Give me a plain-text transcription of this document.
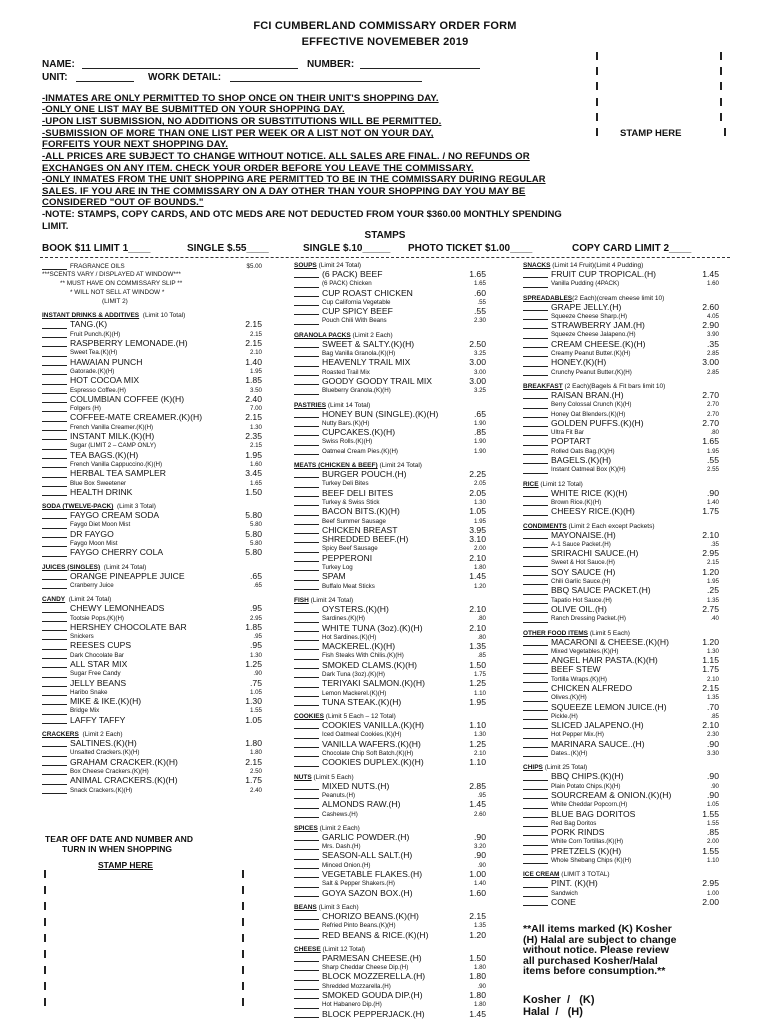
FCI CUMBERLAND COMMISSARY ORDER FORM
EFFECTIVE NOVEMEBER 2019
NAME:	NUMBER:
UNIT:	WORK DETAIL:
STAMP HERE
-INMATES ARE ONLY PERMITTED TO SHOP ONCE ON THEIR UNIT'S SHOPPING DAY.
-ONLY ONE LIST MAY BE SUBMITTED ON YOUR SHOPPING DAY.
-UPON LIST SUBMISSION, NO ADDITIONS OR SUBSTITUTIONS WILL BE PERMITTED.
-SUBMISSION OF MORE THAN ONE LIST PER WEEK OR A LIST NOT ON YOUR DAY,
FORFEITS YOUR NEXT SHOPPING DAY.
-ALL PRICES ARE SUBJECT TO CHANGE WITHOUT NOTICE. ALL SALES ARE FINAL. / NO REFUNDS OR
EXCHANGES ON ANY ITEM. CHECK YOUR ORDER BEFORE YOU LEAVE THE COMMISSARY.
-ONLY INMATES FROM THE UNIT SHOPPING ARE PERMITTED TO BE IN THE COMMISSARY DURING REGULAR
SALES. IF YOU ARE IN THE COMMISSARY ON A DAY OTHER THAN YOUR SHOPPING DAY YOU MAY BE
CONSIDERED "OUT OF BOUNDS."
-NOTE: STAMPS, COPY CARDS, AND OTC MEDS ARE NOT DEDUCTED FROM YOUR $360.00 MONTHLY SPENDING
LIMIT.
STAMPS
BOOK $11 LIMIT 1____	SINGLE $.55____	SINGLE $.10_____ PHOTO TICKET $1.00____	COPY CARD LIMIT 2____
FRAGRANCE OILS	$5.00
***SCENTS VARY / DISPLAYED AT WINDOW***
** MUST HAVE ON COMMISSARY SLIP **
* WILL NOT SELL AT WINDOW *
(LIMIT 2)
INSTANT DRINKS & ADDITIVES (Limit 10 Total)
TANG.(K)	2.15
Fruit Punch.(K)(H)	2.15
RASPBERRY LEMONADE.(H)	2.15
Sweet Tea.(K)(H)	2.10
HAWAIAN PUNCH	1.40
Gatorade.(K)(H)	1.95
HOT COCOA MIX	1.85
Espresso Coffee.(H)	3.50
COLUMBIAN COFFEE (K)(H)	2.40
Folgers (H)	7.00
COFFEE-MATE CREAMER.(K)(H)	2.15
French Vanilla Creamer.(K)(H)	1.30
INSTANT MILK.(K)(H)	2.35
Sugar (LIMIT 2 – CAMP ONLY)	2.15
TEA BAGS.(K)(H)	1.95
French Vanilla Cappuccino.(K)(H)	1.60
HERBAL TEA SAMPLER	3.45
Blue Box Sweetener	1.65
HEALTH DRINK	1.50
SODA (TWELVE-PACK) (Limit 3 Total)
FAYGO CREAM SODA	5.80
Faygo Diet Moon Mist	5.80
DR FAYGO	5.80
Faygo Moon Mist	5.80
FAYGO CHERRY COLA	5.80
JUICES (SINGLES) (Limit 24 Total)
ORANGE PINEAPPLE JUICE	.65
Cranberry Juice	.65
CANDY (Limit 24 Total)
CHEWY LEMONHEADS	.95
Tootsie Pops.(K)(H)	2.95
HERSHEY CHOCOLATE BAR	1.85
Snickers	.95
REESES CUPS	.95
Dark Chocolate Bar	1.30
ALL STAR MIX	1.25
Sugar Free Candy	.90
JELLY BEANS	.75
Haribo Snake	1.05
MIKE & IKE.(K)(H)	1.30
Bridge Mix	1.55
LAFFY TAFFY	1.05
CRACKERS (Limit 2 Each)
SALTINES.(K)(H)	1.80
Unsalted Crackers.(K)(H)	1.80
GRAHAM CRACKER.(K)(H)	2.15
Box Cheese Crackers.(K)(H)	2.50
ANIMAL CRACKERS.(K)(H)	1.75
Snack Crackers.(K)(H)	2.40
TEAR OFF DATE AND NUMBER AND
TURN IN WHEN SHOPPING
STAMP HERE
SOUPS (Limit 24 Total)
(6 PACK) BEEF	1.65
(6 PACK) Chicken	1.65
CUP ROAST CHICKEN	.60
Cup California Vegetable	.55
CUP SPICY BEEF	.55
Pouch Chili With Beans	2.30
GRANOLA PACKS (Limit 2 Each)
SWEET & SALTY.(K)(H)	2.50
Bag Vanilla Granola.(K)(H)	3.25
HEAVENLY TRAIL MIX	3.00
Roasted Trail Mix	3.00
GOODY GOODY TRAIL MIX	3.00
Blueberry Granola.(K)(H)	3.25
PASTRIES (Limit 14 Total)
HONEY BUN (SINGLE).(K)(H)	.65
Nutty Bars.(K)(H)	1.90
CUPCAKES.(K)(H)	.85
Swiss Rolls.(K)(H)	1.90
Oatmeal Cream Pies.(K)(H)	1.90
MEATS (CHICKEN & BEEF) (Limit 24 Total)
BURGER POUCH.(H)	2.25
Turkey Deli Bites	2.05
BEEF DELI BITES	2.05
Turkey & Swiss Stick	1.30
BACON BITS.(K)(H)	1.05
Beef Summer Sausage	1.95
CHICKEN BREAST	3.95
SHREDDED BEEF.(H)	3.10
Spicy Beef Sausage	2.00
PEPPERONI	2.10
Turkey Log	1.80
SPAM	1.45
Buffalo Meat Sticks	1.20
FISH (Limit 24 Total)
OYSTERS.(K)(H)	2.10
Sardines.(K)(H)	.80
WHITE TUNA (3oz).(K)(H)	2.10
Hot Sardines.(K)(H)	.80
MACKEREL.(K)(H)	1.35
Fish Steaks With Chilis.(K)(H)	.85
SMOKED CLAMS.(K)(H)	1.50
Dark Tuna (3oz).(K)(H)	1.75
TERIYAKI SALMON.(K)(H)	1.25
Lemon Mackerel.(K)(H)	1.10
TUNA STEAK.(K)(H)	1.95
COOKIES (Limit 5 Each – 12 Total)
COOKIES VANILLA.(K)(H)	1.10
Iced Oatmeal Cookies.(K)(H)	1.30
VANILLA WAFERS.(K)(H)	1.25
Chocolate Chip Soft Batch.(K)(H)	2.10
COOKIES DUPLEX.(K)(H)	1.10
NUTS (Limit 5 Each)
MIXED NUTS.(H)	2.85
Peanuts.(H)	.95
ALMONDS RAW.(H)	1.45
Cashews.(H)	2.60
SPICES (Limit 2 Each)
GARLIC POWDER.(H)	.90
Mrs. Dash.(H)	3.20
SEASON-ALL SALT.(H)	.90
Minced Onion.(H)	.90
VEGETABLE FLAKES.(H)	1.00
Salt & Pepper Shakers.(H)	1.40
GOYA SAZON BOX.(H)	1.60
BEANS (Limit 3 Each)
CHORIZO BEANS.(K)(H)	2.15
Refried Pinto Beans.(K)(H)	1.35
RED BEANS & RICE.(K)(H)	1.20
CHEESE (Limit 12 Total)
PARMESAN CHEESE.(H)	1.50
Sharp Cheddar Cheese Dip.(H)	1.80
BLOCK MOZZERELLA.(H)	1.80
Shredded Mozzarella.(H)	.90
SMOKED GOUDA DIP.(H)	1.80
Hot Habanero Dip.(H)	1.80
BLOCK PEPPERJACK.(H)	1.45
SNACKS (Limit 14 Fruit)(Limit 4 Pudding)
FRUIT CUP TROPICAL.(H)	1.45
Vanilla Pudding (4PACK)	1.60
SPREADABLES(2 Each)(cream cheese limit 10)
GRAPE JELLY.(H)	2.60
Squeeze Cheese Sharp.(H)	4.05
STRAWBERRY JAM.(H)	2.90
Squeeze Cheese Jalapeno.(H)	3.90
CREAM CHEESE.(K)(H)	.35
Creamy Peanut Butter.(K)(H)	2.85
HONEY.(K)(H)	3.00
Crunchy Peanut Butter.(K)(H)	2.85
BREAKFAST (2 Each)(Bagels & Fit bars limit 10)
RAISAN BRAN.(H)	2.70
Berry Colossal Crunch (K)(H)	2.70
Honey Oat Blenders.(K)(H)	2.70
GOLDEN PUFFS.(K)(H)	2.70
Ultra Fit Bar	.80
POPTART	1.65
Rolled Oats Bag.(K)(H)	1.95
BAGELS.(K)(H)	.55
Instant Oatmeal Box (K)(H)	2.55
RICE (Limit 12 Total)
WHITE RICE (K)(H)	.90
Brown Rice.(K)(H)	1.40
CHEESY RICE.(K)(H)	1.75
CONDIMENTS (Limit 2 Each except Packets)
MAYONAISE.(H)	2.10
A-1 Sauce Packet.(H)	.35
SRIRACHI SAUCE.(H)	2.95
Sweet & Hot Sauce.(H)	2.15
SOY SAUCE (H)	1.20
Chili Garlic Sauce.(H)	1.95
BBQ SAUCE PACKET.(H)	.25
Tapatio Hot Sauce.(H)	1.35
OLIVE OIL.(H)	2.75
Ranch Dressing Packet.(H)	.40
OTHER FOOD ITEMS (Limit 5 Each)
MACARONI & CHEESE.(K)(H)	1.20
Mixed Vegetables.(K)(H)	1.30
ANGEL HAIR PASTA.(K)(H)	1.15
BEEF STEW	1.75
Tortilla Wraps.(K)(H)	2.10
CHICKEN ALFREDO	2.15
Olives.(K)(H)	1.35
SQUEEZE LEMON JUICE.(H)	.70
Pickle.(H)	.85
SLICED JALAPENO.(H)	2.10
Hot Pepper Mix.(H)	2.30
MARINARA SAUCE..(H)	.90
Dates..(K)(H)	3.30
CHIPS (Limit 25 Total)
BBQ CHIPS.(K)(H)	.90
Plain Potato Chips.(K)(H)	.90
SOURCREAM & ONION.(K)(H)	.90
White Cheddar Popcorn.(H)	1.05
BLUE BAG DORITOS	1.55
Red Bag Doritos	1.55
PORK RINDS	.85
White Corn Tortillas.(K)(H)	2.00
PRETZELS (K)(H)	1.55
Whole Shebang Chips (K)(H)	1.10
ICE CREAM (LIMIT 3 TOTAL)
PINT. (K)(H)	2.95
Sandwich	1.00
CONE	2.00
**All items marked (K) Kosher
(H) Halal are subject to change
without notice. Please review
all purchased Kosher/Halal
items before consumption.**
Kosher  /   (K)
Halal  /   (H)
